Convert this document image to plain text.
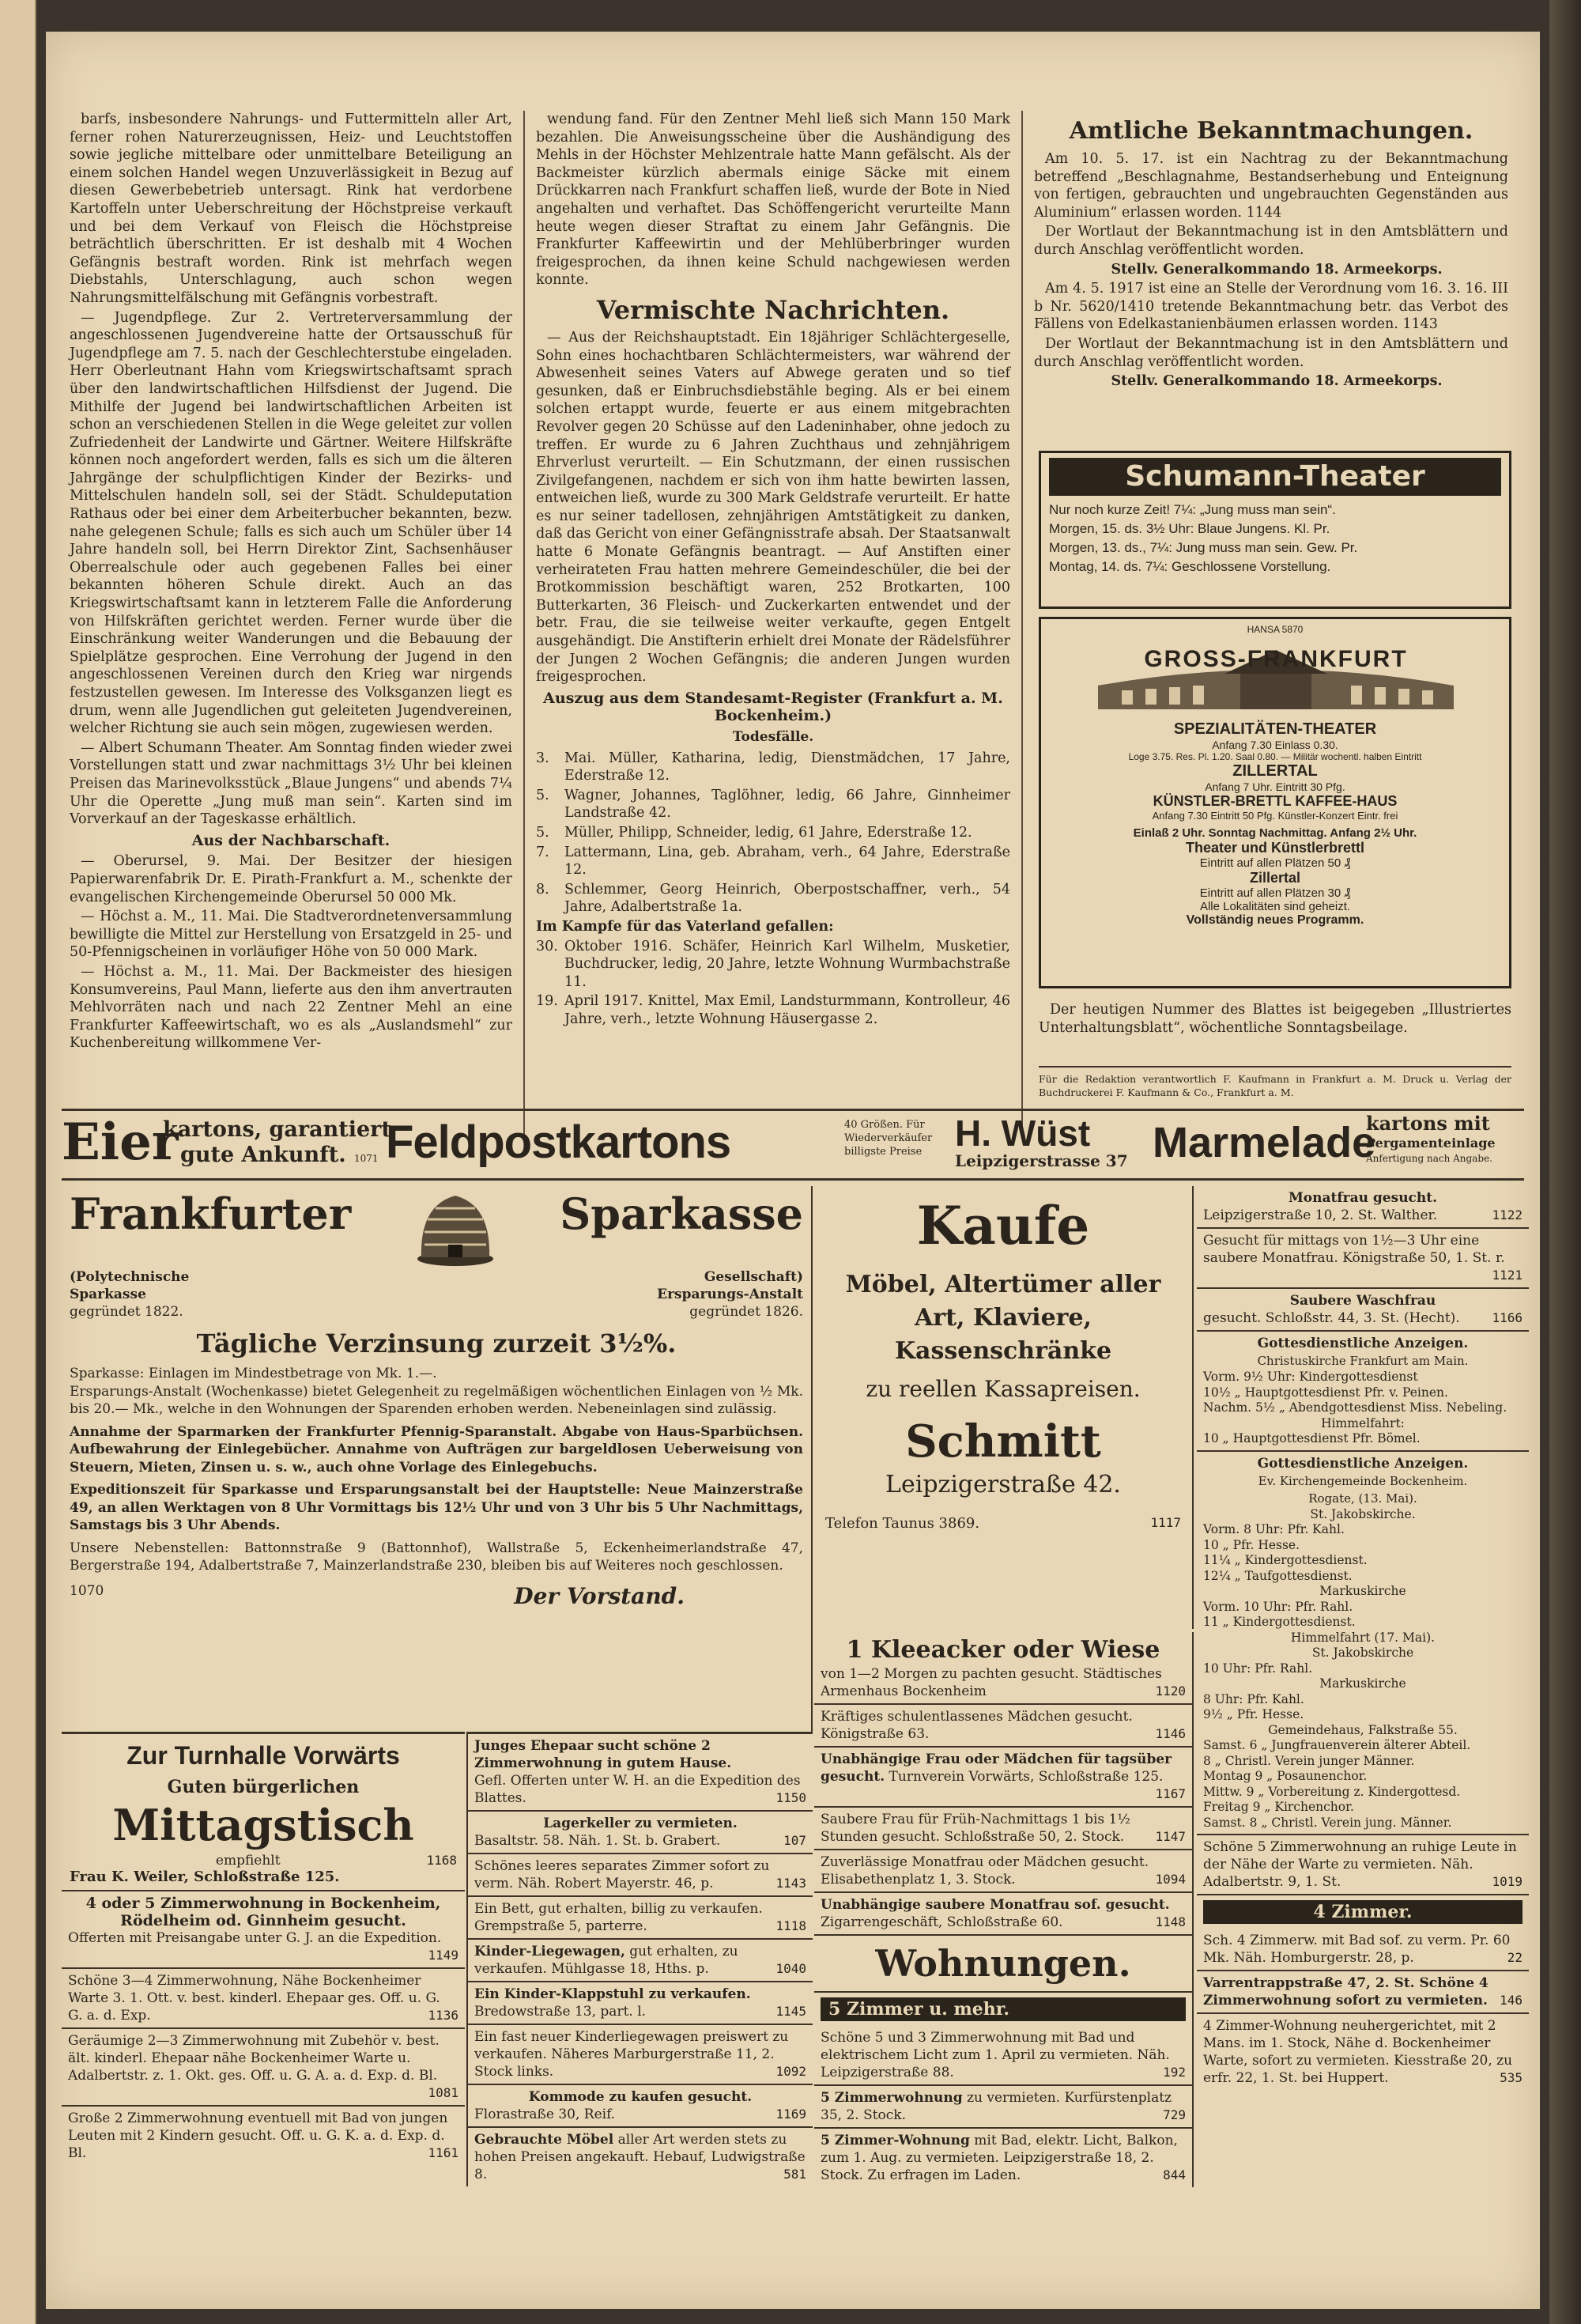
barfs, insbesondere Nahrungs- und Futtermitteln aller Art, ferner rohen Naturerzeugnissen, Heiz- und Leuchtstoffen sowie jegliche mittelbare oder unmittelbare Beteiligung an einem solchen Handel wegen Unzuverlässigkeit in Bezug auf diesen Gewerbebetrieb untersagt. Rink hat verdorbene Kartoffeln unter Ueberschreitung der Höchstpreise verkauft und bei dem Verkauf von Fleisch die Höchstpreise beträchtlich überschritten. Er ist deshalb mit 4 Wochen Gefängnis bestraft worden. Rink ist mehrfach wegen Diebstahls, Unterschlagung, auch schon wegen Nahrungsmittelfälschung mit Gefängnis vorbestraft.

— Jugendpflege. Zur 2. Vertreterversammlung der angeschlossenen Jugendvereine hatte der Ortsausschuß für Jugendpflege am 7. 5. nach der Geschlechterstube eingeladen. Herr Oberleutnant Hahn vom Kriegswirtschaftsamt sprach über den landwirtschaftlichen Hilfsdienst der Jugend. Die Mithilfe der Jugend bei landwirtschaftlichen Arbeiten ist schon an verschiedenen Stellen in die Wege geleitet zur vollen Zufriedenheit der Landwirte und Gärtner. Weitere Hilfskräfte können noch angefordert werden, falls es sich um die älteren Jahrgänge der schulpflichtigen Kinder der Bezirks- und Mittelschulen handeln soll, sei der Städt. Schuldeputation Rathaus oder bei einer dem Arbeiterbucher bekannten, bezw. nahe gelegenen Schule; falls es sich auch um Schüler über 14 Jahre handeln soll, bei Herrn Direktor Zint, Sachsenhäuser Oberrealschule oder auch gegebenen Falles bei einer bekannten höheren Schule direkt. Auch an das Kriegswirtschaftsamt kann in letzterem Falle die Anforderung von Hilfskräften gerichtet werden. Ferner wurde über die Einschränkung weiter Wanderungen und die Bebauung der Spielplätze gesprochen. Eine Verrohung der Jugend in den angeschlossenen Vereinen durch den Krieg war nirgends festzustellen gewesen. Im Interesse des Volksganzen liegt es drum, wenn alle Jugendlichen gut geleiteten Jugendvereinen, welcher Richtung sie auch sein mögen, zugewiesen werden.

— Albert Schumann Theater. Am Sonntag finden wieder zwei Vorstellungen statt und zwar nachmittags 3½ Uhr bei kleinen Preisen das Marinevolksstück „Blaue Jungens“ und abends 7¼ Uhr die Operette „Jung muß man sein“. Karten sind im Vorverkauf an der Tageskasse erhältlich.

Aus der Nachbarschaft.

— Oberursel, 9. Mai. Der Besitzer der hiesigen Papierwarenfabrik Dr. E. Pirath-Frankfurt a. M., schenkte der evangelischen Kirchengemeinde Oberursel 50 000 Mk.

— Höchst a. M., 11. Mai. Die Stadtverordnetenversammlung bewilligte die Mittel zur Herstellung von Ersatzgeld in 25- und 50-Pfennigscheinen in vorläufiger Höhe von 50 000 Mark.

— Höchst a. M., 11. Mai. Der Backmeister des hiesigen Konsumvereins, Paul Mann, lieferte aus den ihm anvertrauten Mehlvorräten nach und nach 22 Zentner Mehl an eine Frankfurter Kaffeewirtschaft, wo es als „Auslandsmehl“ zur Kuchenbereitung willkommene Ver-

wendung fand. Für den Zentner Mehl ließ sich Mann 150 Mark bezahlen. Die Anweisungsscheine über die Aushändigung des Mehls in der Höchster Mehlzentrale hatte Mann gefälscht. Als der Backmeister kürzlich abermals einige Säcke mit einem Drückkarren nach Frankfurt schaffen ließ, wurde der Bote in Nied angehalten und verhaftet. Das Schöffengericht verurteilte Mann heute wegen dieser Straftat zu einem Jahr Gefängnis. Die Frankfurter Kaffeewirtin und der Mehlüberbringer wurden freigesprochen, da ihnen keine Schuld nachgewiesen werden konnte.

Vermischte Nachrichten.

— Aus der Reichshauptstadt. Ein 18jähriger Schlächtergeselle, Sohn eines hochachtbaren Schlächtermeisters, war während der Abwesenheit seines Vaters auf Abwege geraten und so tief gesunken, daß er Einbruchsdiebstähle beging. Als er bei einem solchen ertappt wurde, feuerte er aus einem mitgebrachten Revolver gegen 20 Schüsse auf den Ladeninhaber, ohne jedoch zu treffen. Er wurde zu 6 Jahren Zuchthaus und zehnjährigem Ehrverlust verurteilt. — Ein Schutzmann, der einen russischen Zivilgefangenen, nachdem er sich von ihm hatte bewirten lassen, entweichen ließ, wurde zu 300 Mark Geldstrafe verurteilt. Er hatte es nur seiner tadellosen, zehnjährigen Amtstätigkeit zu danken, daß das Gericht von einer Gefängnisstrafe absah. Der Staatsanwalt hatte 6 Monate Gefängnis beantragt. — Auf Anstiften einer verheirateten Frau hatten mehrere Gemeindeschüler, die bei der Brotkommission beschäftigt waren, 252 Brotkarten, 100 Butterkarten, 36 Fleisch- und Zuckerkarten entwendet und der betr. Frau, die sie teilweise weiter verkaufte, gegen Entgelt ausgehändigt. Die Anstifterin erhielt drei Monate der Rädelsführer der Jungen 2 Wochen Gefängnis; die anderen Jungen wurden freigesprochen.

Auszug aus dem Standesamt-Register (Frankfurt a. M. Bockenheim.)
Todesfälle.

3. Mai. Müller, Katharina, ledig, Dienstmädchen, 17 Jahre, Ederstraße 12.

5. Wagner, Johannes, Taglöhner, ledig, 66 Jahre, Ginnheimer Landstraße 42.

5. Müller, Philipp, Schneider, ledig, 61 Jahre, Ederstraße 12.

7. Lattermann, Lina, geb. Abraham, verh., 64 Jahre, Ederstraße 12.

8. Schlemmer, Georg Heinrich, Oberpostschaffner, verh., 54 Jahre, Adalbertstraße 1a.

Im Kampfe für das Vaterland gefallen:

30. Oktober 1916. Schäfer, Heinrich Karl Wilhelm, Musketier, Buchdrucker, ledig, 20 Jahre, letzte Wohnung Wurmbachstraße 11.

19. April 1917. Knittel, Max Emil, Landsturmmann, Kontrolleur, 46 Jahre, verh., letzte Wohnung Häusergasse 2.

Amtliche Bekanntmachungen.

Am 10. 5. 17. ist ein Nachtrag zu der Bekanntmachung betreffend „Beschlagnahme, Bestandserhebung und Enteignung von fertigen, gebrauchten und ungebrauchten Gegenständen aus Aluminium“ erlassen worden. 1144

Der Wortlaut der Bekanntmachung ist in den Amtsblättern und durch Anschlag veröffentlicht worden.

Stellv. Generalkommando 18. Armeekorps.

Am 4. 5. 1917 ist eine an Stelle der Verordnung vom 16. 3. 16. III b Nr. 5620/1410 tretende Bekanntmachung betr. das Verbot des Fällens von Edelkastanienbäumen erlassen worden. 1143

Der Wortlaut der Bekanntmachung ist in den Amtsblättern und durch Anschlag veröffentlicht worden.

Stellv. Generalkommando 18. Armeekorps.

Schumann-Theater
Nur noch kurze Zeit! 7¼: „Jung muss man sein“.
Morgen, 15. ds. 3½ Uhr: Blaue Jungens. Kl. Pr.
Morgen, 13. ds., 7¼: Jung muss man sein. Gew. Pr.
Montag, 14. ds. 7¼: Geschlossene Vorstellung.
HANSA 5870
GROSS-FRANKFURT
SPEZIALITÄTEN-THEATER
Anfang 7.30 Einlass 0.30.
Loge 3.75. Res. Pl. 1.20. Saal 0.80. — Militär wochentl. halben Eintritt
ZILLERTAL
Anfang 7 Uhr. Eintritt 30 Pfg.
KÜNSTLER-BRETTL KAFFEE-HAUS
Anfang 7.30 Eintritt 50 Pfg. Künstler-Konzert Eintr. frei
Einlaß 2 Uhr. Sonntag Nachmittag. Anfang 2½ Uhr.
Theater und Künstlerbrettl
Eintritt auf allen Plätzen 50 ₰
Zillertal
Eintritt auf allen Plätzen 30 ₰
Alle Lokalitäten sind geheizt.
Vollständig neues Programm.

Der heutigen Nummer des Blattes ist beigegeben „Illustriertes Unterhaltungsblatt“, wöchentliche Sonntagsbeilage.

Für die Redaktion verantwortlich F. Kaufmann in Frankfurt a. M. Druck u. Verlag der Buchdruckerei F. Kaufmann & Co., Frankfurt a. M.
Eier
kartons, garantiert
gute Ankunft. 1071 Feldpostkartons	40 Größen. Für Wiederverkäufer billigste Preise H. Wüst
Leipzigerstrasse 37 Marmelade
kartons mit
Pergamenteinlage
Anfertigung nach Angabe.
Frankfurter	Sparkasse
(Polytechnische
Sparkasse
gegründet 1822.
Gesellschaft)
Ersparungs-Anstalt
gegründet 1826.
Tägliche Verzinsung zurzeit 3½%.

Sparkasse: Einlagen im Mindestbetrage von Mk. 1.—.

Ersparungs-Anstalt (Wochenkasse) bietet Gelegenheit zu regelmäßigen wöchentlichen Einlagen von ½ Mk. bis 20.— Mk., welche in den Wohnungen der Sparenden erhoben werden. Nebeneinlagen sind zulässig.

Annahme der Sparmarken der Frankfurter Pfennig-Sparanstalt. Abgabe von Haus-Sparbüchsen. Aufbewahrung der Einlegebücher. Annahme von Aufträgen zur bargeldlosen Ueberweisung von Steuern, Mieten, Zinsen u. s. w., auch ohne Vorlage des Einlegebuchs.

Expeditionszeit für Sparkasse und Ersparungsanstalt bei der Hauptstelle: Neue Mainzerstraße 49, an allen Werktagen von 8 Uhr Vormittags bis 12½ Uhr und von 3 Uhr bis 5 Uhr Nachmittags, Samstags bis 3 Uhr Abends.

Unsere Nebenstellen: Battonnstraße 9 (Battonnhof), Wallstraße 5, Eckenheimerlandstraße 47, Bergerstraße 194, Adalbertstraße 7, Mainzerlandstraße 230, bleiben bis auf Weiteres noch geschlossen.

1070	Der Vorstand.
Kaufe
Möbel, Altertümer aller Art, Klaviere, Kassenschränke
zu reellen Kassapreisen.
Schmitt
Leipzigerstraße 42.
Telefon Taunus 3869.	1117
1 Kleeacker oder Wiese
von 1—2 Morgen zu pachten gesucht. Städtisches Armenhaus Bockenheim	1120
Kräftiges schulentlassenes Mädchen gesucht. Königstraße 63.	1146
Unabhängige Frau oder Mädchen für tagsüber gesucht. Turnverein Vorwärts, Schloßstraße 125.
1167
Saubere Frau für Früh-Nachmittags 1 bis 1½ Stunden gesucht. Schloßstraße 50, 2. Stock. 1147
Zuverlässige Monatfrau oder Mädchen gesucht. Elisabethenplatz 1, 3. Stock.	1094
Unabhängige saubere Monatfrau sof. gesucht. Zigarrengeschäft, Schloßstraße 60.	1148
Wohnungen.
5 Zimmer u. mehr.
Schöne 5 und 3 Zimmerwohnung mit Bad und elektrischem Licht zum 1. April zu vermieten. Näh. Leipzigerstraße 88.	192
5 Zimmerwohnung zu vermieten. Kurfürstenplatz 35, 2. Stock.	729
5 Zimmer-Wohnung mit Bad, elektr. Licht, Balkon, zum 1. Aug. zu vermieten. Leipzigerstraße 18, 2. Stock. Zu erfragen im Laden.	844
Monatfrau gesucht.
Leipzigerstraße 10, 2. St. Walther.	1122
Gesucht für mittags von 1½—3 Uhr eine saubere Monatfrau. Königstraße 50, 1. St. r.
1121
Saubere Waschfrau
gesucht. Schloßstr. 44, 3. St. (Hecht).	1166
Gottesdienstliche Anzeigen.
Christuskirche Frankfurt am Main.

Vorm. 9½ Uhr: Kindergottesdienst

10½ „ Hauptgottesdienst Pfr. v. Peinen.

Nachm. 5½ „ Abendgottesdienst Miss. Nebeling.

Himmelfahrt:

10 „ Hauptgottesdienst Pfr. Bömel.

Gottesdienstliche Anzeigen.
Ev. Kirchengemeinde Bockenheim.
Rogate, (13. Mai).

St. Jakobskirche.

Vorm. 8 Uhr: Pfr. Kahl.

10 „ Pfr. Hesse.

11¼ „ Kindergottesdienst.

12¼ „ Taufgottesdienst.

Markuskirche

Vorm. 10 Uhr: Pfr. Rahl.

11 „ Kindergottesdienst.

Himmelfahrt (17. Mai).

St. Jakobskirche

10 Uhr: Pfr. Rahl.

Markuskirche

8 Uhr: Pfr. Kahl.

9½ „ Pfr. Hesse.

Gemeindehaus, Falkstraße 55.

Samst. 6 „ Jungfrauenverein älterer Abteil.

8 „ Christl. Verein junger Männer.

Montag 9 „ Posaunenchor.

Mittw. 9 „ Vorbereitung z. Kindergottesd.

Freitag 9 „ Kirchenchor.

Samst. 8 „ Christl. Verein jung. Männer.

Schöne 5 Zimmerwohnung an ruhige Leute in der Nähe der Warte zu vermieten. Näh. Adalbertstr. 9, 1. St.	1019
4 Zimmer.
Sch. 4 Zimmerw. mit Bad sof. zu verm. Pr. 60 Mk. Näh. Homburgerstr. 28, p.	22
Varrentrappstraße 47, 2. St. Schöne 4 Zimmerwohnung sofort zu vermieten. 146
4 Zimmer-Wohnung neuhergerichtet, mit 2 Mans. im 1. Stock, Nähe d. Bockenheimer Warte, sofort zu vermieten. Kiesstraße 20, zu erfr. 22, 1. St. bei Huppert.	535
Zur Turnhalle Vorwärts
Guten bürgerlichen
Mittagstisch
empfiehlt	1168
Frau K. Weiler, Schloßstraße 125.
4 oder 5 Zimmerwohnung in Bockenheim, Rödelheim od. Ginnheim gesucht.
Offerten mit Preisangabe unter G. J. an die Expedition.
1149
Schöne 3—4 Zimmerwohnung, Nähe Bockenheimer Warte 3. 1. Ott. v. best. kinderl. Ehepaar ges. Off. u. G. G. a. d. Exp.	1136
Geräumige 2—3 Zimmerwohnung mit Zubehör v. best. ält. kinderl. Ehepaar nähe Bockenheimer Warte u. Adalbertstr. z. 1. Okt. ges. Off. u. G. A. a. d. Exp. d. Bl.
1081
Große 2 Zimmerwohnung eventuell mit Bad von jungen Leuten mit 2 Kindern gesucht. Off. u. G. K. a. d. Exp. d. Bl.	1161
Junges Ehepaar sucht schöne 2 Zimmerwohnung in gutem Hause.
Gefl. Offerten unter W. H. an die Expedition des Blattes.	1150
Lagerkeller zu vermieten.
Basaltstr. 58. Näh. 1. St. b. Grabert.	107
Schönes leeres separates Zimmer sofort zu verm. Näh. Robert Mayerstr. 46, p.	1143
Ein Bett, gut erhalten, billig zu verkaufen. Grempstraße 5, parterre.	1118
Kinder-Liegewagen, gut erhalten, zu verkaufen. Mühlgasse 18, Hths. p.	1040
Ein Kinder-Klappstuhl zu verkaufen. Bredowstraße 13, part. l.	1145
Ein fast neuer Kinderliegewagen preiswert zu verkaufen. Näheres Marburgerstraße 11, 2. Stock links.	1092
Kommode zu kaufen gesucht.
Florastraße 30, Reif.	1169
Gebrauchte Möbel aller Art werden stets zu hohen Preisen angekauft. Hebauf, Ludwigstraße 8.	581
